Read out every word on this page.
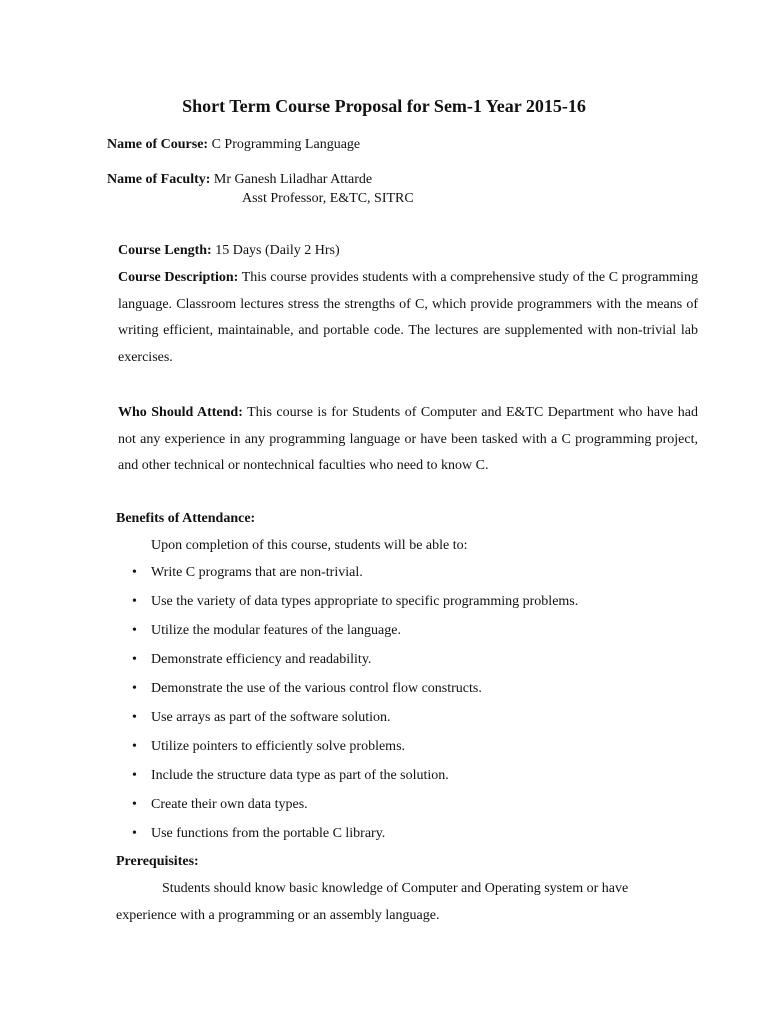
Short Term Course Proposal for Sem-1 Year 2015-16
Name of Course: C Programming Language
Name of Faculty: Mr Ganesh Liladhar Attarde
Asst Professor, E&TC, SITRC
Course Length: 15 Days (Daily 2 Hrs)
Course Description: This course provides students with a comprehensive study of the C programming language. Classroom lectures stress the strengths of C, which provide programmers with the means of writing efficient, maintainable, and portable code. The lectures are supplemented with non-trivial lab exercises.
Who Should Attend: This course is for Students of Computer and E&TC Department who have had not any experience in any programming language or have been tasked with a C programming project, and other technical or nontechnical faculties who need to know C.
Benefits of Attendance:
Upon completion of this course, students will be able to:
•	Write C programs that are non-trivial.
•	Use the variety of data types appropriate to specific programming problems.
•	Utilize the modular features of the language.
•	Demonstrate efficiency and readability.
•	Demonstrate the use of the various control flow constructs.
•	Use arrays as part of the software solution.
•	Utilize pointers to efficiently solve problems.
•	Include the structure data type as part of the solution.
•	Create their own data types.
•	Use functions from the portable C library.
Prerequisites:
Students should know basic knowledge of Computer and Operating system or have
experience with a programming or an assembly language.
